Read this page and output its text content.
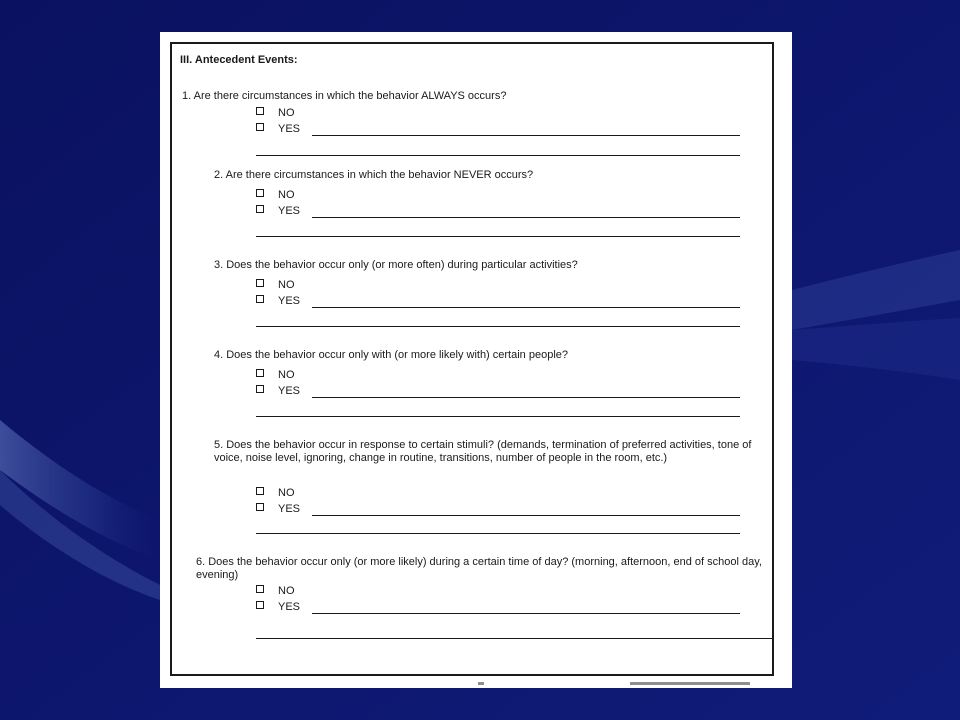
III. Antecedent Events:
1. Are there circumstances in which the behavior ALWAYS occurs?
NO
YES
2. Are there circumstances in which the behavior NEVER occurs?
NO
YES
3. Does the behavior occur only (or more often) during particular activities?
NO
YES
4. Does the behavior occur only with (or more likely with) certain people?
NO
YES
5. Does the behavior occur in response to certain stimuli? (demands, termination of preferred activities, tone of voice, noise level, ignoring, change in routine, transitions, number of people in the room, etc.)
NO
YES
6. Does the behavior occur only (or more likely) during a certain time of day? (morning, afternoon, end of school day, evening)
NO
YES
